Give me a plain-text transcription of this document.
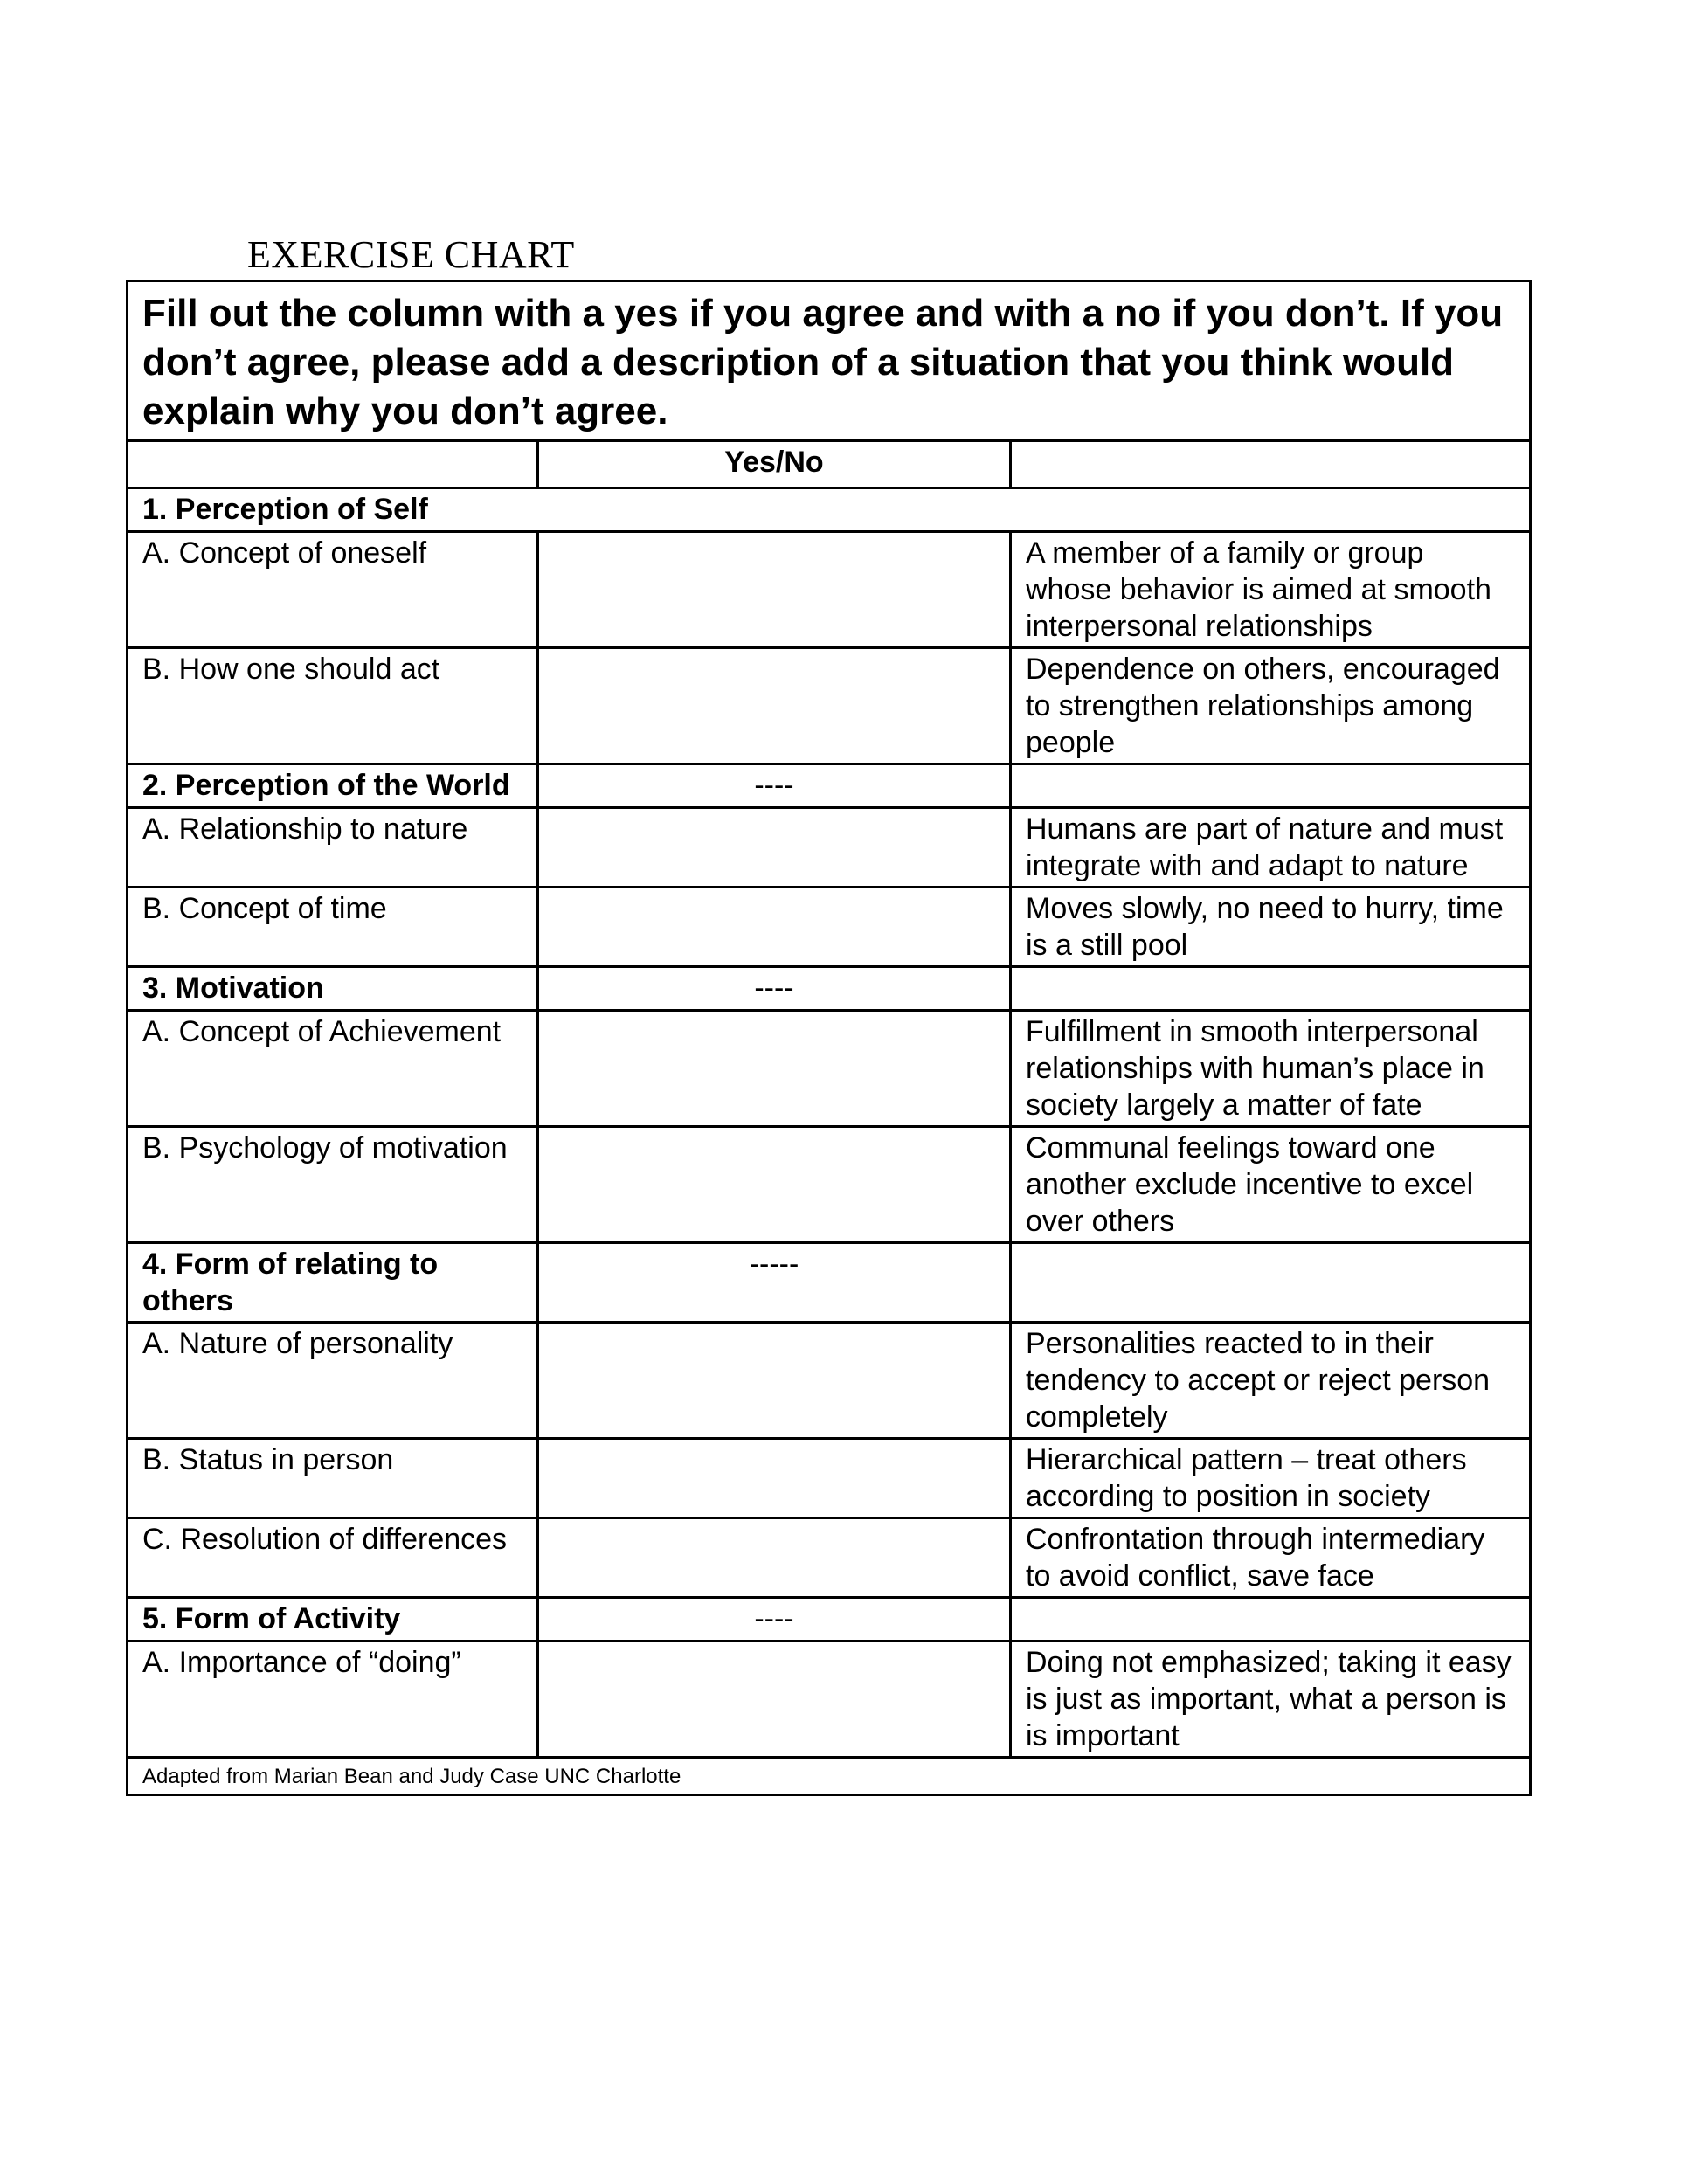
EXERCISE CHART
Fill out the column with a yes if you agree and with a no if you don’t. If you don’t agree, please add a description of a situation that you think would explain why you don’t agree.		
	Yes/No	
1. Perception of Self		
A. Concept of oneself		A member of a family or group whose behavior is aimed at smooth interpersonal relationships
B. How one should act		Dependence on others, encouraged to strengthen relationships among people
2. Perception of the World	----	
A. Relationship to nature		Humans are part of nature and must integrate with and adapt to nature
B. Concept of time		Moves slowly, no need to hurry, time is a still pool
3. Motivation	----	
A. Concept of Achievement		Fulfillment in smooth interpersonal relationships with human’s place in society largely a matter of fate
B. Psychology of motivation		Communal feelings toward one another exclude incentive to excel over others
4. Form of relating to others	-----	
A. Nature of personality		Personalities reacted to in their tendency to accept or reject person completely
B. Status in person		Hierarchical pattern – treat others according to position in society
C. Resolution of differences		Confrontation through intermediary to avoid conflict, save face
5. Form of Activity	----	
A. Importance of “doing”		Doing not emphasized; taking it easy is just as important, what a person is is important
Adapted from Marian Bean and Judy Case UNC Charlotte		
